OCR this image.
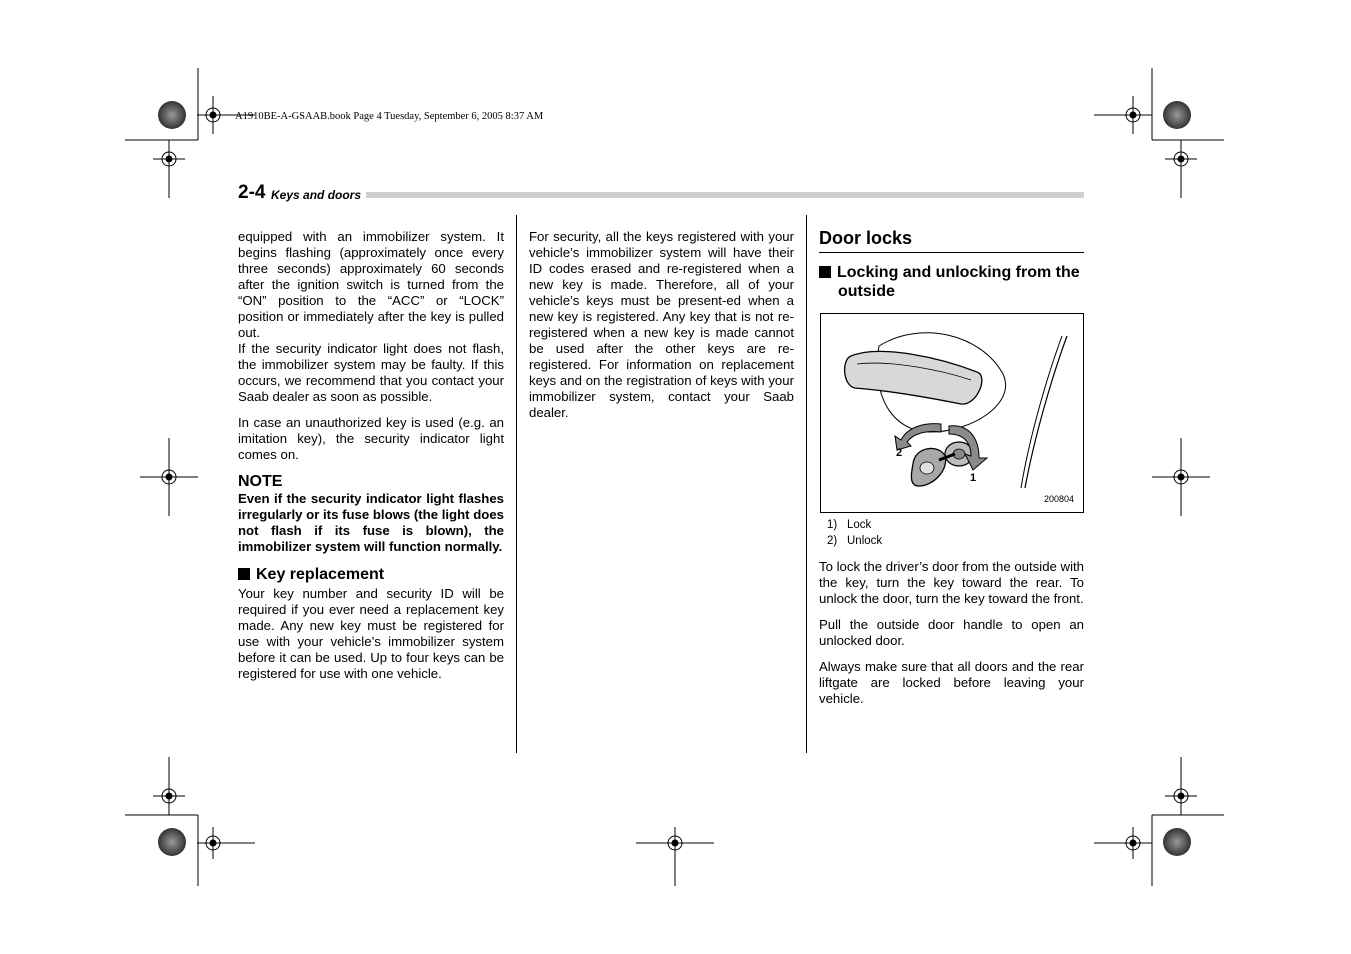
A1910BE-A-GSAAB.book Page 4 Tuesday, September 6, 2005 8:37 AM
2-4 Keys and doors

equipped with an immobilizer system. It begins flashing (approximately once every three seconds) approximately 60 seconds after the ignition switch is turned from the “ON” position to the “ACC” or “LOCK” position or immediately after the key is pulled out.

If the security indicator light does not flash, the immobilizer system may be faulty. If this occurs, we recommend that you contact your Saab dealer as soon as possible.

In case an unauthorized key is used (e.g. an imitation key), the security indicator light comes on.

NOTE

Even if the security indicator light flashes irregularly or its fuse blows (the light does not flash if its fuse is blown), the immobilizer system will function normally.

Key replacement

Your key number and security ID will be required if you ever need a replacement key made. Any new key must be registered for use with your vehicle’s immobilizer system before it can be used. Up to four keys can be registered for use with one vehicle.

For security, all the keys registered with your vehicle’s immobilizer system will have their ID codes erased and re-registered when a new key is made. Therefore, all of your vehicle’s keys must be present-ed when a new key is registered. Any key that is not re-registered when a new key is made cannot be used after the other keys are re-registered. For information on replacement keys and on the registration of keys with your immobilizer system, contact your Saab dealer.

Door locks
Locking and unlocking from the outside
1
2
200804
1) Lock
2) Unlock

To lock the driver’s door from the outside with the key, turn the key toward the rear. To unlock the door, turn the key toward the front.

Pull the outside door handle to open an unlocked door.

Always make sure that all doors and the rear liftgate are locked before leaving your vehicle.
